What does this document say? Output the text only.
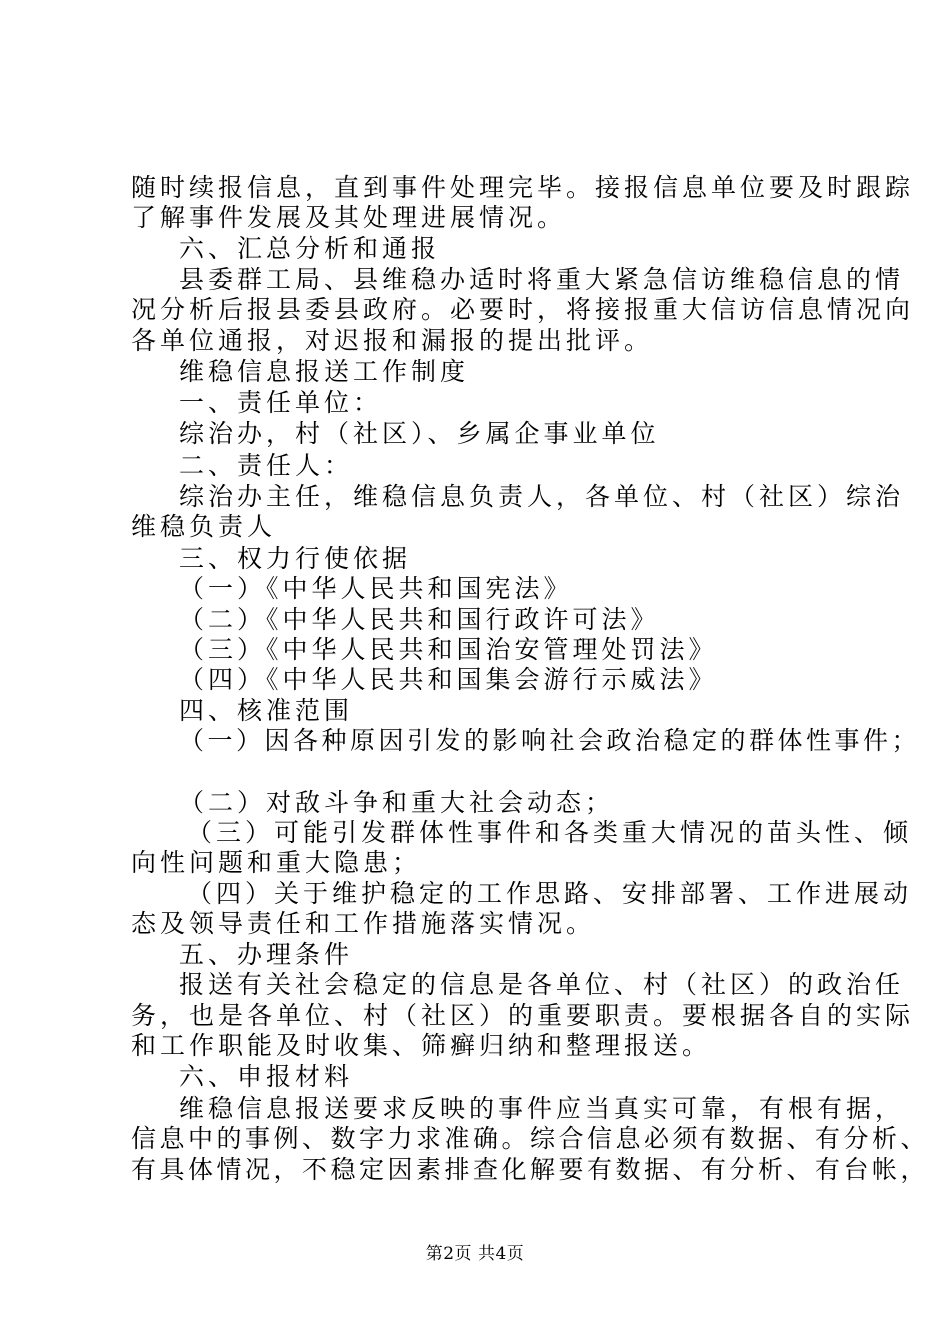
随时续报信息，直到事件处理完毕。接报信息单位要及时跟踪
了解事件发展及其处理进展情况。
六、汇总分析和通报
县委群工局、县维稳办适时将重大紧急信访维稳信息的情
况分析后报县委县政府。必要时，将接报重大信访信息情况向
各单位通报，对迟报和漏报的提出批评。
维稳信息报送工作制度
一、责任单位：
综治办，村（社区）、乡属企事业单位
二、责任人：
综治办主任，维稳信息负责人，各单位、村（社区）综治
维稳负责人
三、权力行使依据
（一）《中华人民共和国宪法》
（二）《中华人民共和国行政许可法》
（三）《中华人民共和国治安管理处罚法》
（四）《中华人民共和国集会游行示威法》
四、核准范围
（一）因各种原因引发的影响社会政治稳定的群体性事件；
（二）对敌斗争和重大社会动态；
（三）可能引发群体性事件和各类重大情况的苗头性、倾
向性问题和重大隐患；
（四）关于维护稳定的工作思路、安排部署、工作进展动
态及领导责任和工作措施落实情况。
五、办理条件
报送有关社会稳定的信息是各单位、村（社区）的政治任
务，也是各单位、村（社区）的重要职责。要根据各自的实际
和工作职能及时收集、筛癣归纳和整理报送。
六、申报材料
维稳信息报送要求反映的事件应当真实可靠，有根有据，
信息中的事例、数字力求准确。综合信息必须有数据、有分析、
有具体情况，不稳定因素排查化解要有数据、有分析、有台帐，
第2页 共4页
